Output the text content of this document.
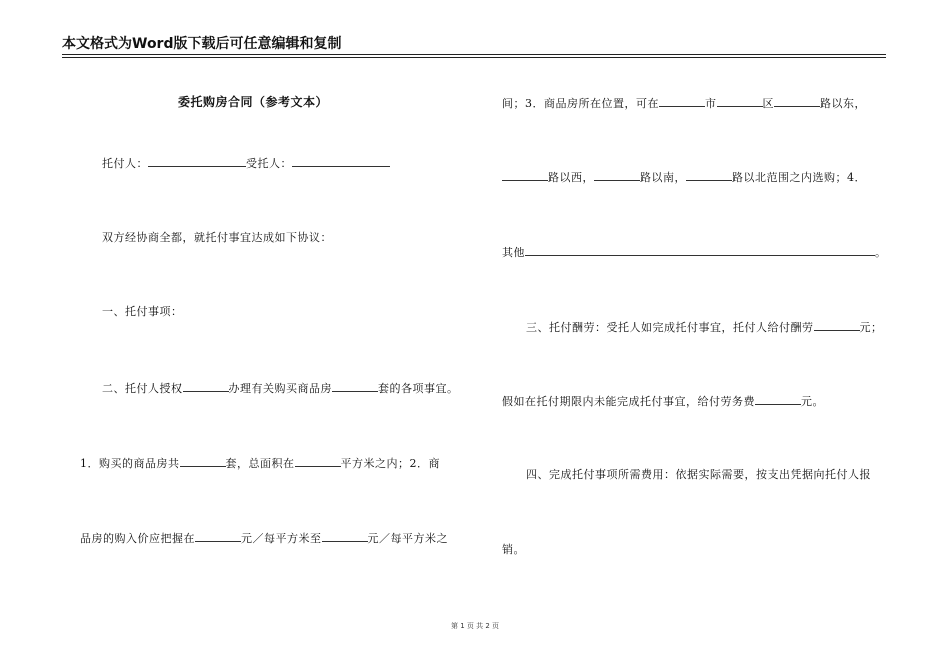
本文格式为Word版下载后可任意编辑和复制
委托购房合同（参考文本）
托付人：	受托人：
双方经协商全都，就托付事宜达成如下协议：
一、托付事项：
二、托付人授权	办理有关购买商品房	套的各项事宜。
1．购买的商品房共	套，总面积在	平方米之内；2．商
品房的购入价应把握在	元／每平方米至	元／每平方米之
间；3．商品房所在位置，可在	市	区	路以东，
路以西，	路以南，	路以北范围之内选购；4．
其他	。
三、托付酬劳：受托人如完成托付事宜，托付人给付酬劳	元；
假如在托付期限内未能完成托付事宜，给付劳务费	元。
四、完成托付事项所需费用：依据实际需要，按支出凭据向托付人报
销。
第 1 页 共 2 页
